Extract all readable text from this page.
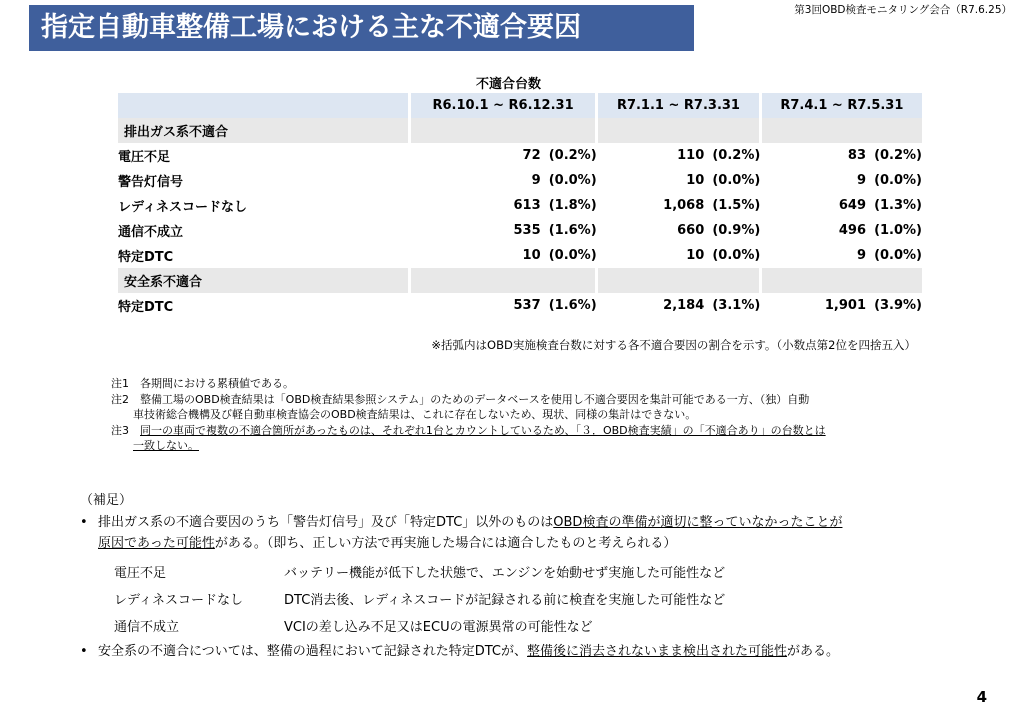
指定自動車整備工場における主な不適合要因
第3回OBD検査モニタリング会合（R7.6.25）
不適合台数
	R6.10.1 ~ R6.12.31	R7.1.1 ~ R7.3.31	R7.4.1 ~ R7.5.31
排出ガス系不適合			
電圧不足	72 (0.2%)	110 (0.2%)	83 (0.2%)
警告灯信号	9 (0.0%)	10 (0.0%)	9 (0.0%)
レディネスコードなし	613 (1.8%)	1,068 (1.5%)	649 (1.3%)
通信不成立	535 (1.6%)	660 (0.9%)	496 (1.0%)
特定DTC	10 (0.0%)	10 (0.0%)	9 (0.0%)
安全系不適合			
特定DTC	537 (1.6%)	2,184 (3.1%)	1,901 (3.9%)
※括弧内はOBD実施検査台数に対する各不適合要因の割合を示す。（小数点第2位を四捨五入）
注1　各期間における累積値である。
注2　整備工場のOBD検査結果は「OBD検査結果参照システム」のためのデータベースを使用し不適合要因を集計可能である一方、（独）自動
車技術総合機構及び軽自動車検査協会のOBD検査結果は、これに存在しないため、現状、同様の集計はできない。
注3　同一の車両で複数の不適合箇所があったものは、それぞれ1台とカウントしているため、「３．OBD検査実績」の「不適合あり」の台数とは
一致しない。
（補足）
• 排出ガス系の不適合要因のうち「警告灯信号」及び「特定DTC」以外のものはOBD検査の準備が適切に整っていなかったことが
原因であった可能性がある。（即ち、正しい方法で再実施した場合には適合したものと考えられる）
電圧不足	バッテリー機能が低下した状態で、エンジンを始動せず実施した可能性など
レディネスコードなし	DTC消去後、レディネスコードが記録される前に検査を実施した可能性など
通信不成立	VCIの差し込み不足又はECUの電源異常の可能性など
• 安全系の不適合については、整備の過程において記録された特定DTCが、整備後に消去されないまま検出された可能性がある。
4
